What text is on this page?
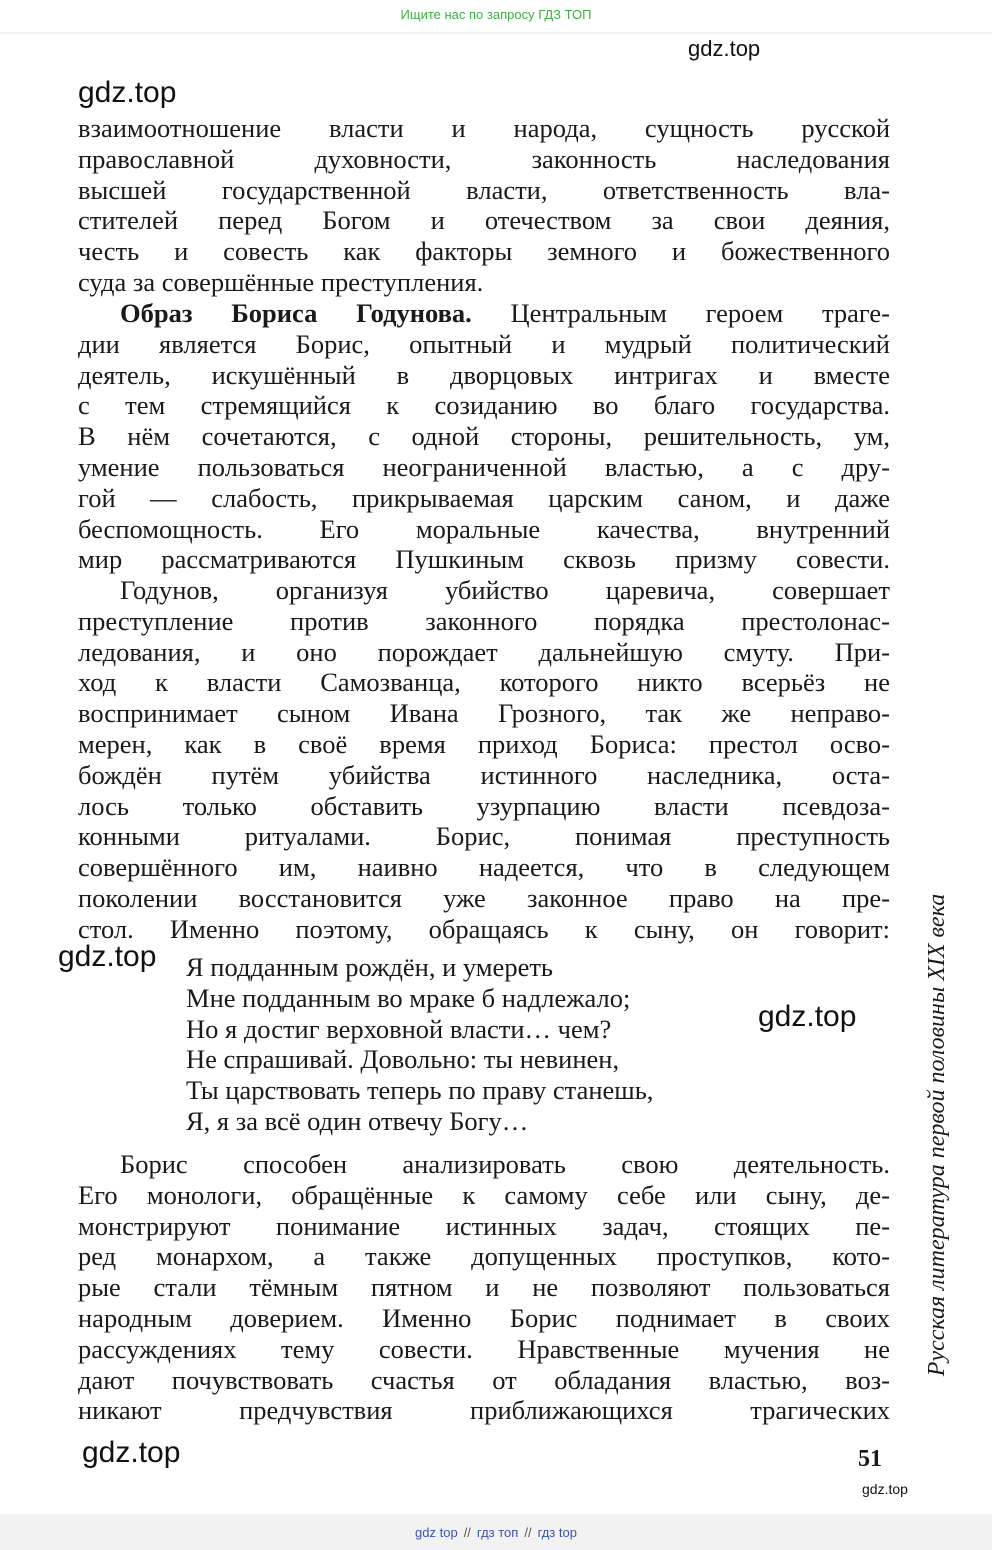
Ищите нас по запросу ГДЗ ТОП
gdz.top
gdz.top
gdz.top
gdz.top
gdz.top
gdz.top
взаимоотношение власти и народа, сущность русской
православной духовности, законность наследования
высшей государственной власти, ответственность вла-
стителей перед Богом и отечеством за свои деяния,
честь и совесть как факторы земного и божественного
суда за совершённые преступления.
Образ Бориса Годунова. Центральным героем траге-
дии является Борис, опытный и мудрый политический
деятель, искушённый в дворцовых интригах и вместе
с тем стремящийся к созиданию во благо государства.
В нём сочетаются, с одной стороны, решительность, ум,
умение пользоваться неограниченной властью, а с дру-
гой — слабость, прикрываемая царским саном, и даже
беспомощность. Его моральные качества, внутренний
мир рассматриваются Пушкиным сквозь призму совести.
Годунов, организуя убийство царевича, совершает
преступление против законного порядка престолонас-
ледования, и оно порождает дальнейшую смуту. При-
ход к власти Самозванца, которого никто всерьёз не
воспринимает сыном Ивана Грозного, так же неправо-
мерен, как в своё время приход Бориса: престол осво-
бождён путём убийства истинного наследника, оста-
лось только обставить узурпацию власти псевдоза-
конными ритуалами. Борис, понимая преступность
совершённого им, наивно надеется, что в следующем
поколении восстановится уже законное право на пре-
стол. Именно поэтому, обращаясь к сыну, он говорит:
Я подданным рождён, и умереть
Мне подданным во мраке б надлежало;
Но я достиг верховной власти… чем?
Не спрашивай. Довольно: ты невинен,
Ты царствовать теперь по праву станешь,
Я, я за всё один отвечу Богу…
Борис способен анализировать свою деятельность.
Его монологи, обращённые к самому себе или сыну, де-
монстрируют понимание истинных задач, стоящих пе-
ред монархом, а также допущенных проступков, кото-
рые стали тёмным пятном и не позволяют пользоваться
народным доверием. Именно Борис поднимает в своих
рассуждениях тему совести. Нравственные мучения не
дают почувствовать счастья от обладания властью, воз-
никают предчувствия приближающихся трагических
Русская литература первой половины XIX века
51
gdz top // гдз топ // гдз top
